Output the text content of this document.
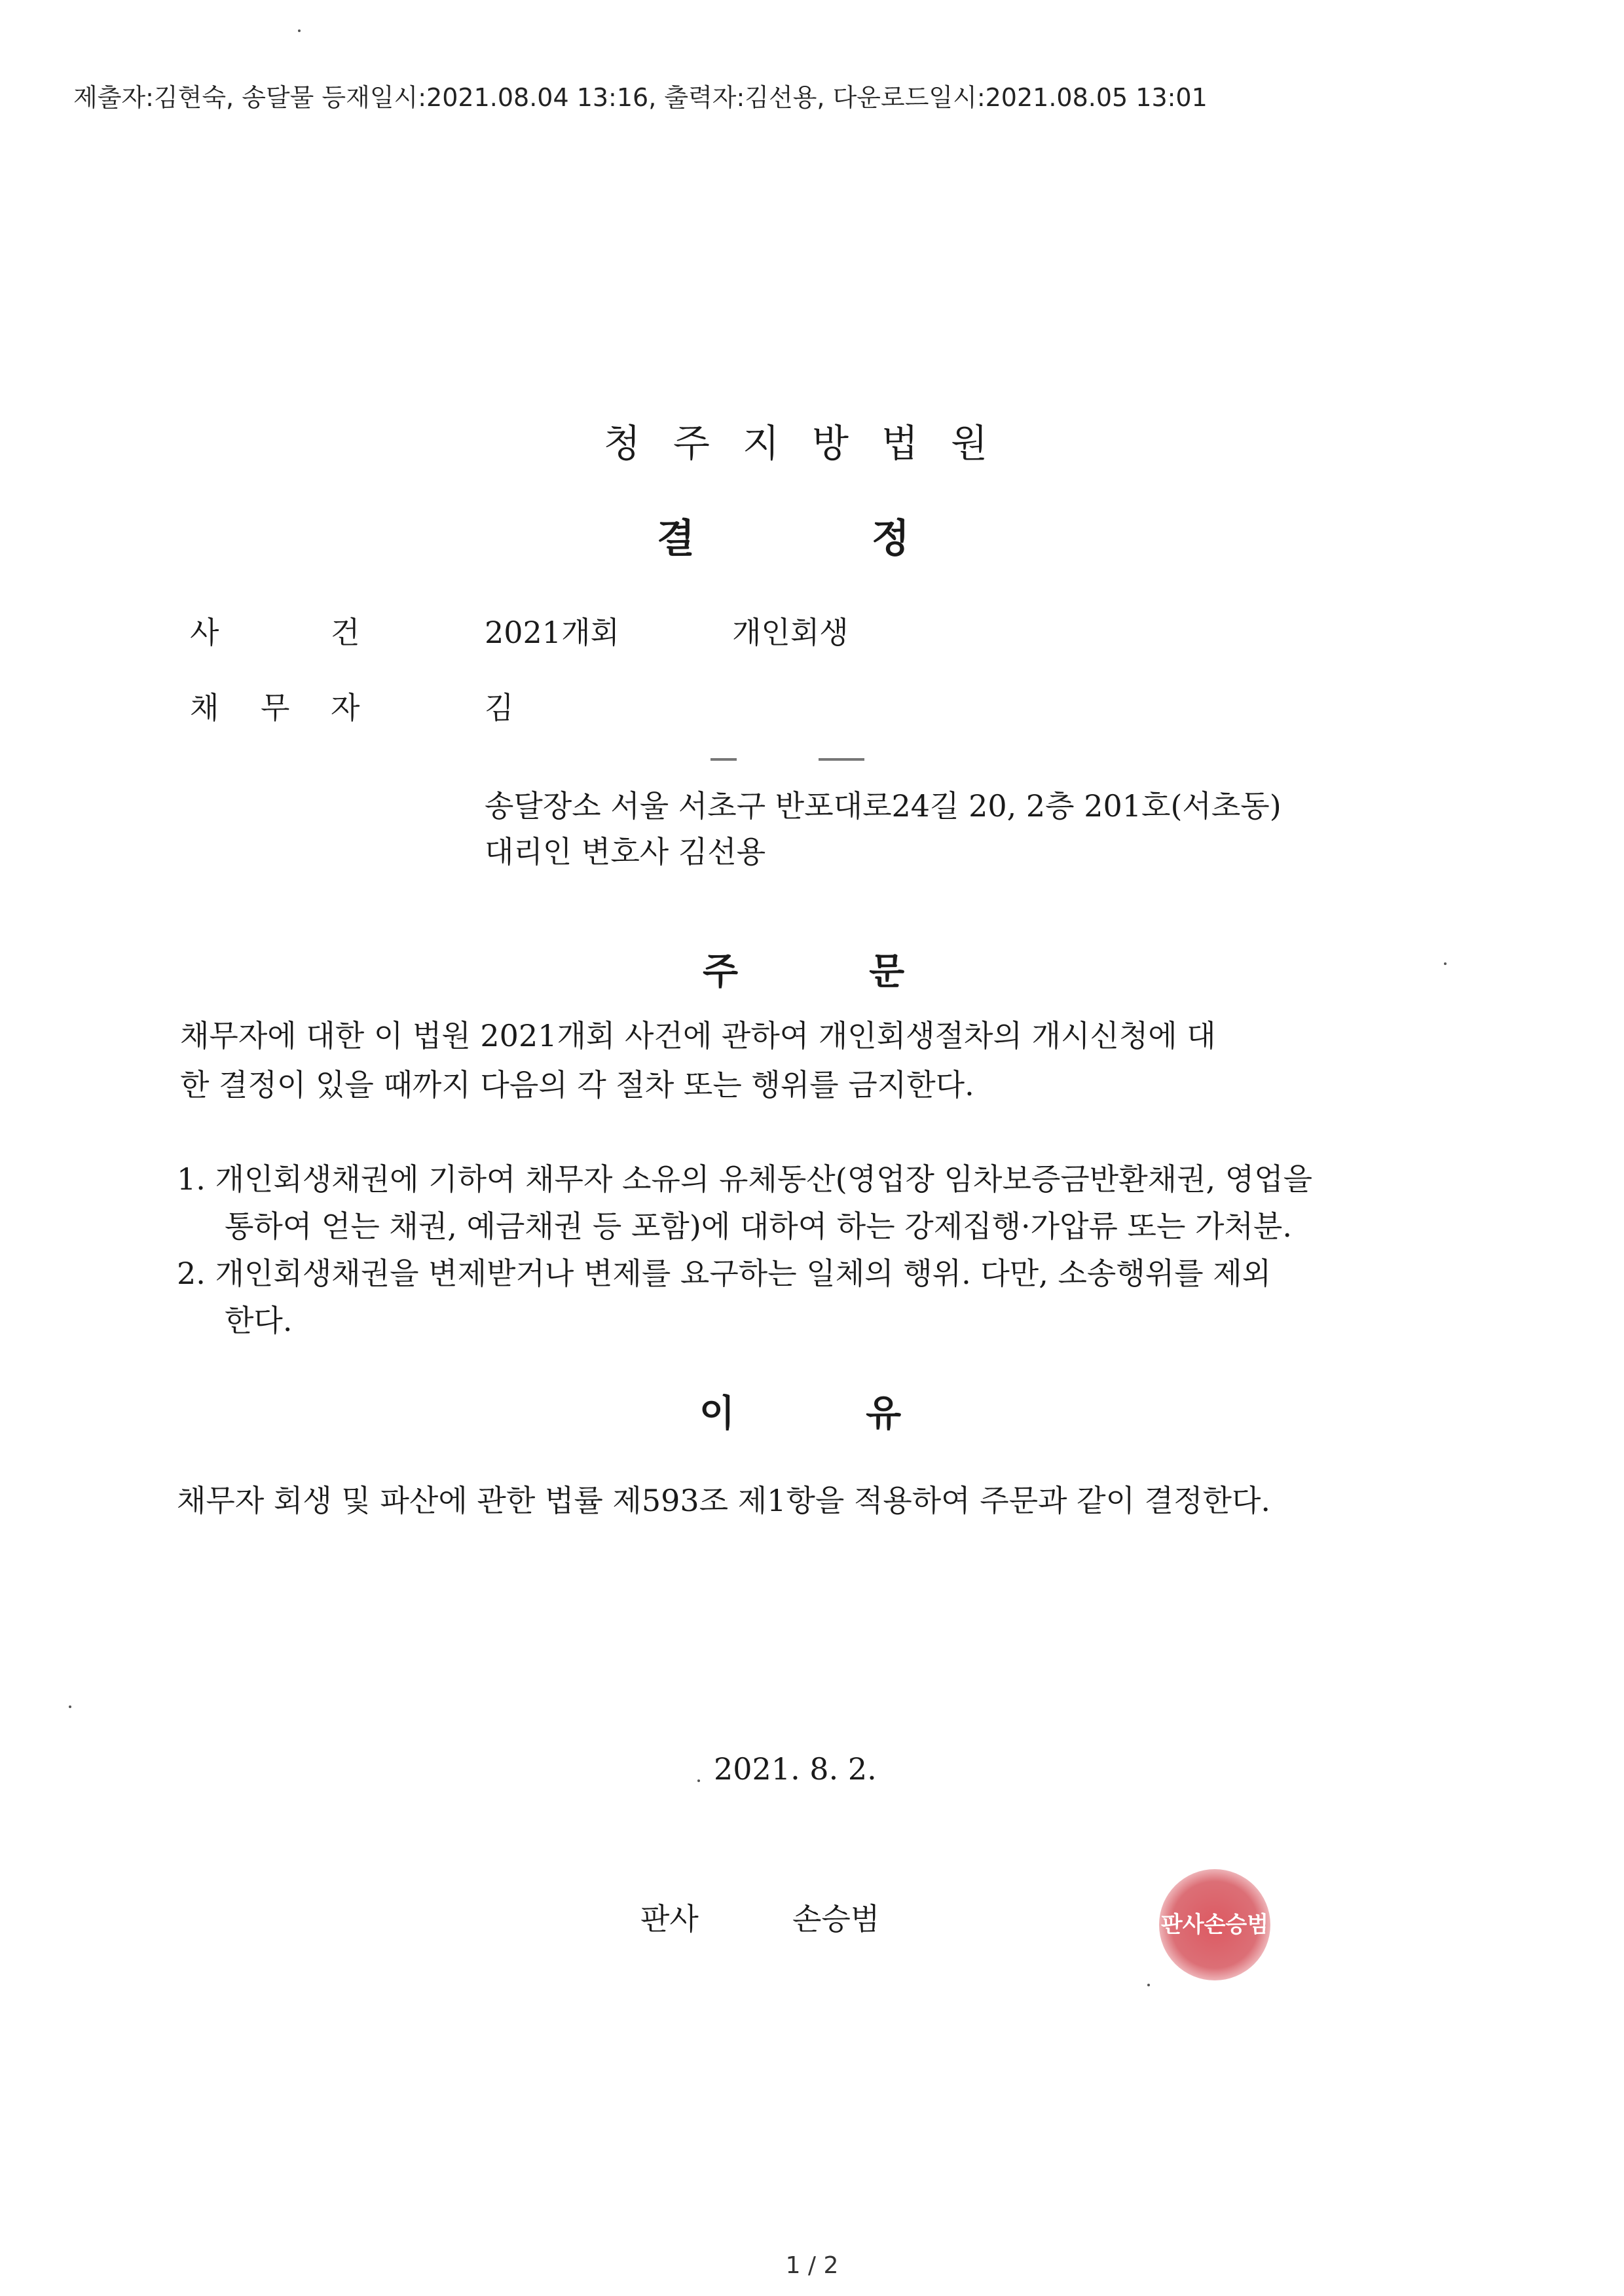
제출자:김현숙, 송달물 등재일시:2021.08.04 13:16, 출력자:김선용, 다운로드일시:2021.08.05 13:01
청주지방법원
결	정
사	건	2021개회	개인회생
채 무 자	김
송달장소 서울 서초구 반포대로24길 20, 2층 201호(서초동)
대리인 변호사 김선용
주	문
채무자에 대한 이 법원 2021개회 사건에 관하여 개인회생절차의 개시신청에 대
한 결정이 있을 때까지 다음의 각 절차 또는 행위를 금지한다.
1. 개인회생채권에 기하여 채무자 소유의 유체동산(영업장 임차보증금반환채권, 영업을
통하여 얻는 채권, 예금채권 등 포함)에 대하여 하는 강제집행·가압류 또는 가처분.
2. 개인회생채권을 변제받거나 변제를 요구하는 일체의 행위. 다만, 소송행위를 제외
한다.
이	유
채무자 회생 및 파산에 관한 법률 제593조 제1항을 적용하여 주문과 같이 결정한다.
2021. 8. 2.
판사	손승범	판사손승범
1 / 2
